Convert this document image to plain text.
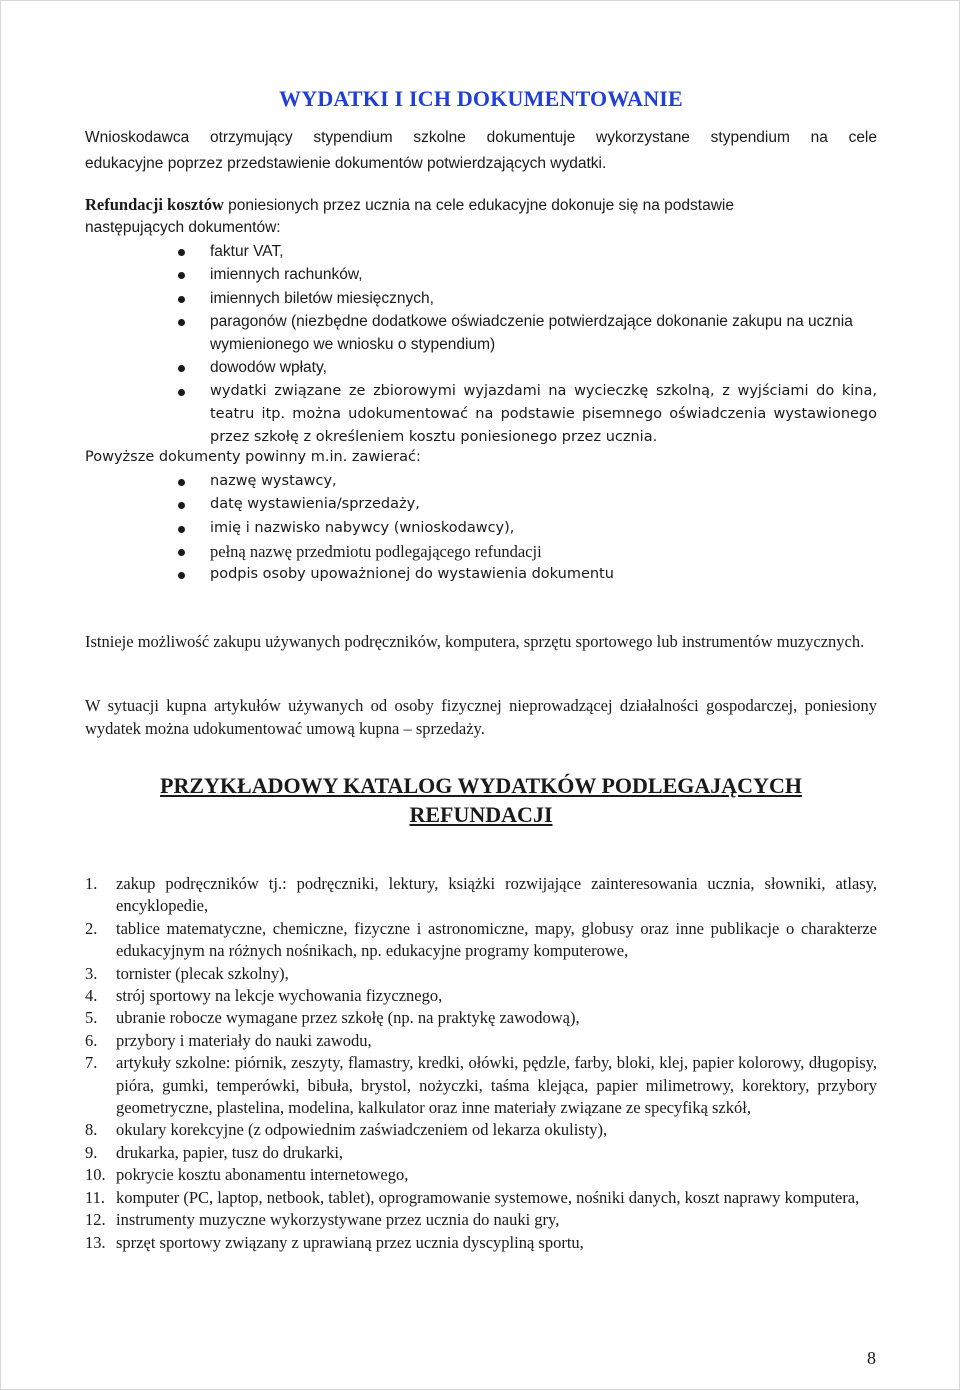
WYDATKI I ICH DOKUMENTOWANIE
Wnioskodawca otrzymujący stypendium szkolne dokumentuje wykorzystane stypendium na cele
edukacyjne poprzez przedstawienie dokumentów potwierdzających wydatki.
Refundacji kosztów poniesionych przez ucznia na cele edukacyjne dokonuje się na podstawie
następujących dokumentów:
faktur VAT,
imiennych rachunków,
imiennych biletów miesięcznych,
paragonów (niezbędne dodatkowe oświadczenie potwierdzające dokonanie zakupu na ucznia wymienionego we wniosku o stypendium)
dowodów wpłaty,
wydatki związane ze zbiorowymi wyjazdami na wycieczkę szkolną, z wyjściami do kina, teatru itp. można udokumentować na podstawie pisemnego oświadczenia wystawionego przez szkołę z określeniem kosztu poniesionego przez ucznia.
Powyższe dokumenty powinny m.in. zawierać:
nazwę wystawcy,
datę wystawienia/sprzedaży,
imię i nazwisko nabywcy (wnioskodawcy),
pełną nazwę przedmiotu podlegającego refundacji
podpis osoby upoważnionej do wystawienia dokumentu
Istnieje możliwość zakupu używanych podręczników, komputera, sprzętu sportowego lub instrumentów muzycznych.
W sytuacji kupna artykułów używanych od osoby fizycznej nieprowadzącej działalności gospodarczej, poniesiony wydatek można udokumentować umową kupna – sprzedaży.
PRZYKŁADOWY KATALOG WYDATKÓW PODLEGAJĄCYCH
REFUNDACJI
1. zakup podręczników tj.: podręczniki, lektury, książki rozwijające zainteresowania ucznia, słowniki, atlasy, encyklopedie,
2. tablice matematyczne, chemiczne, fizyczne i astronomiczne, mapy, globusy oraz inne publikacje o charakterze edukacyjnym na różnych nośnikach, np. edukacyjne programy komputerowe,
3. tornister (plecak szkolny),
4. strój sportowy na lekcje wychowania fizycznego,
5. ubranie robocze wymagane przez szkołę (np. na praktykę zawodową),
6. przybory i materiały do nauki zawodu,
7. artykuły szkolne: piórnik, zeszyty, flamastry, kredki, ołówki, pędzle, farby, bloki, klej, papier kolorowy, długopisy, pióra, gumki, temperówki, bibuła, brystol, nożyczki, taśma klejąca, papier milimetrowy, korektory, przybory geometryczne, plastelina, modelina, kalkulator oraz inne materiały związane ze specyfiką szkół,
8. okulary korekcyjne (z odpowiednim zaświadczeniem od lekarza okulisty),
9. drukarka, papier, tusz do drukarki,
10. pokrycie kosztu abonamentu internetowego,
11. komputer (PC, laptop, netbook, tablet), oprogramowanie systemowe, nośniki danych, koszt naprawy komputera,
12. instrumenty muzyczne wykorzystywane przez ucznia do nauki gry,
13. sprzęt sportowy związany z uprawianą przez ucznia dyscypliną sportu,
8
